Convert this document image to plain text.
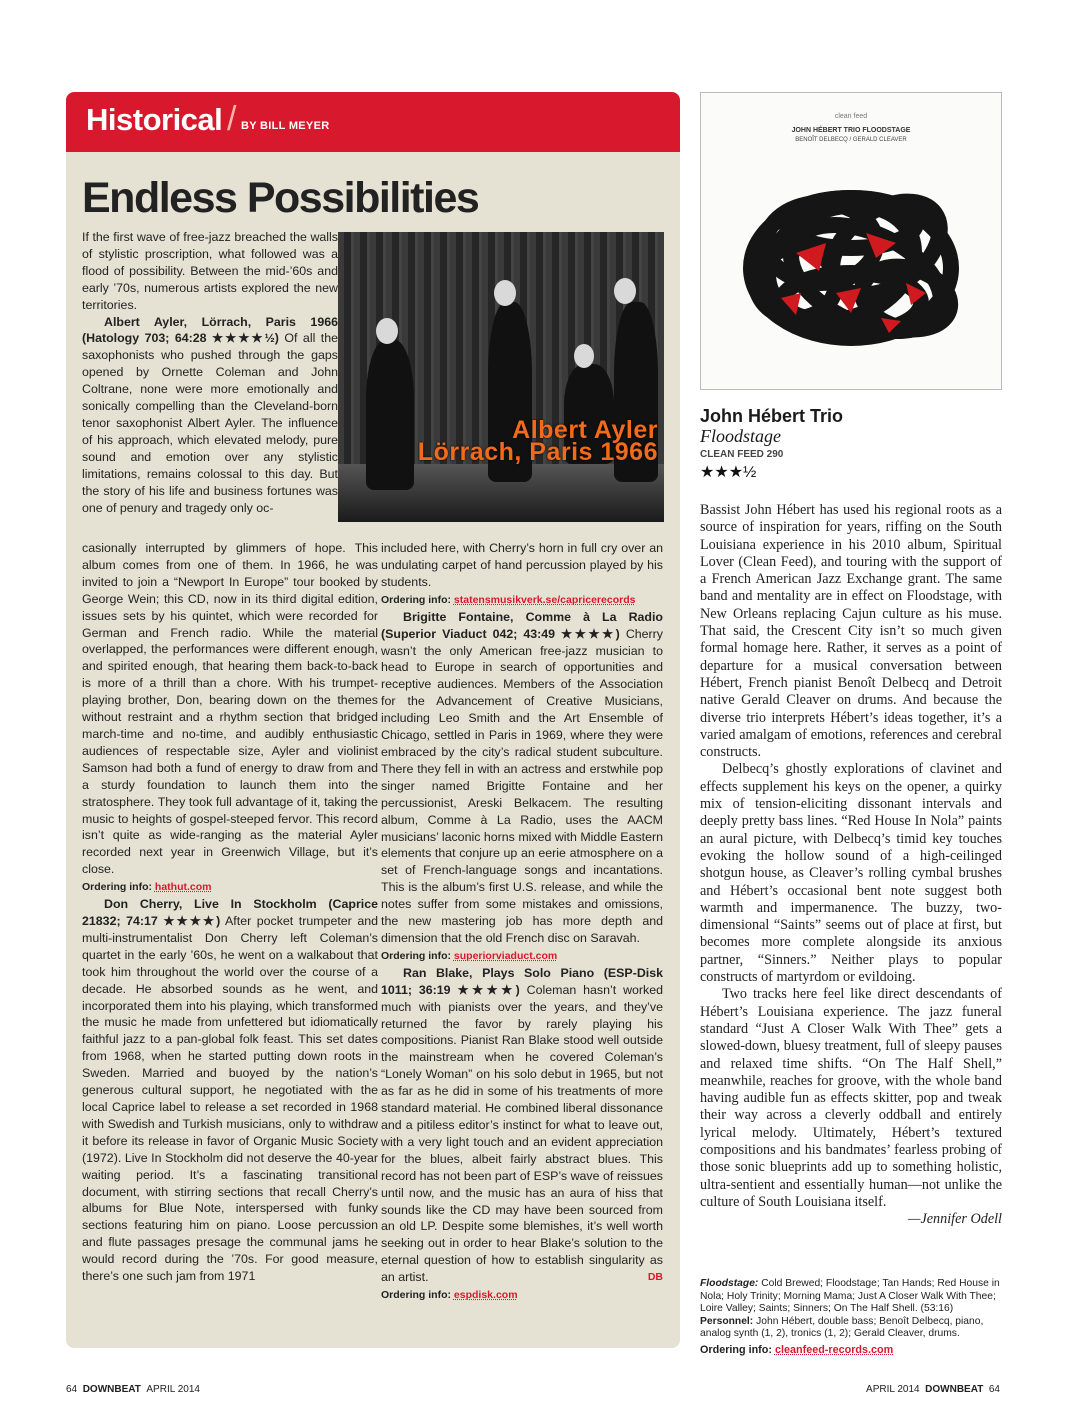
Historical / BY BILL MEYER
Endless Possibilities
Albert Ayler
Lörrach, Paris 1966

If the first wave of free-jazz breached the walls of stylistic proscription, what followed was a flood of possibility. Between the mid-’60s and early ’70s, numerous artists explored the new territories.

Albert Ayler, Lörrach, Paris 1966 (Hatology 703; 64:28 ★★★★½) Of all the saxophonists who pushed through the gaps opened by Ornette Coleman and John Coltrane, none were more emotionally and sonically compelling than the Cleveland-born tenor saxophonist Albert Ayler. The influence of his approach, which elevated melody, pure sound and emotion over any stylistic limitations, remains colossal to this day. But the story of his life and business fortunes was one of penury and tragedy only oc-

casionally interrupted by glimmers of hope. This album comes from one of them. In 1966, he was invited to join a “Newport In Europe” tour booked by George Wein; this CD, now in its third digital edition, issues sets by his quintet, which were recorded for German and French radio. While the material overlapped, the performances were different enough, and spirited enough, that hearing them back-to-back is more of a thrill than a chore. With his trumpet-playing brother, Don, bearing down on the themes without restraint and a rhythm section that bridged march-time and no-time, and audibly enthusiastic audiences of respectable size, Ayler and violinist Samson had both a fund of energy to draw from and a sturdy foundation to launch them into the stratosphere. They took full advantage of it, taking the music to heights of gospel-steeped fervor. This record isn’t quite as wide-ranging as the material Ayler recorded next year in Greenwich Village, but it’s close.

Ordering info: hathut.com

Don Cherry, Live In Stockholm (Caprice 21832; 74:17 ★★★★) After pocket trumpeter and multi-instrumentalist Don Cherry left Coleman’s quartet in the early ’60s, he went on a walkabout that took him throughout the world over the course of a decade. He absorbed sounds as he went, and incorporated them into his playing, which transformed the music he made from unfettered but idiomatically faithful jazz to a pan-global folk feast. This set dates from 1968, when he started putting down roots in Sweden. Married and buoyed by the nation’s generous cultural support, he negotiated with the local Caprice label to release a set recorded in 1968 with Swedish and Turkish musicians, only to withdraw it before its release in favor of Organic Music Society (1972). Live In Stockholm did not deserve the 40-year waiting period. It’s a fascinating transitional document, with stirring sections that recall Cherry’s albums for Blue Note, interspersed with funky sections featuring him on piano. Loose percussion and flute passages presage the communal jams he would record during the ’70s. For good measure, there’s one such jam from 1971

included here, with Cherry’s horn in full cry over an undulating carpet of hand percussion played by his students.

Ordering info: statensmusikverk.se/capricerecords

Brigitte Fontaine, Comme à La Radio (Superior Viaduct 042; 43:49 ★★★★) Cherry wasn’t the only American free-jazz musician to head to Europe in search of opportunities and receptive audiences. Members of the Association for the Advancement of Creative Musicians, including Leo Smith and the Art Ensemble of Chicago, settled in Paris in 1969, where they were embraced by the city’s radical student subculture. There they fell in with an actress and erstwhile pop singer named Brigitte Fontaine and her percussionist, Areski Belkacem. The resulting album, Comme à La Radio, uses the AACM musicians’ laconic horns mixed with Middle Eastern elements that conjure up an eerie atmosphere on a set of French-language songs and incantations. This is the album’s first U.S. release, and while the notes suffer from some mistakes and omissions, the new mastering job has more depth and dimension that the old French disc on Saravah.

Ordering info: superiorviaduct.com

Ran Blake, Plays Solo Piano (ESP-Disk 1011; 36:19 ★★★★) Coleman hasn’t worked much with pianists over the years, and they’ve returned the favor by rarely playing his compositions. Pianist Ran Blake stood well outside the mainstream when he covered Coleman’s “Lonely Woman” on his solo debut in 1965, but not as far as he did in some of his treatments of more standard material. He combined liberal dissonance and a pitiless editor’s instinct for what to leave out, with a very light touch and an evident appreciation for the blues, albeit fairly abstract blues. This record has not been part of ESP’s wave of reissues until now, and the music has an aura of hiss that sounds like the CD may have been sourced from an old LP. Despite some blemishes, it’s well worth seeking out in order to hear Blake’s solution to the eternal question of how to establish singularity as an artist.	DB

Ordering info: espdisk.com
clean feed
JOHN HÉBERT TRIO FLOODSTAGE
BENOÎT DELBECQ / GERALD CLEAVER
John Hébert Trio
Floodstage
CLEAN FEED 290
★★★½

Bassist John Hébert has used his regional roots as a source of inspiration for years, riffing on the South Louisiana experience in his 2010 album, Spiritual Lover (Clean Feed), and touring with the support of a French American Jazz Exchange grant. The same band and mentality are in effect on Floodstage, with New Orleans replacing Cajun culture as his muse. That said, the Crescent City isn’t so much given formal homage here. Rather, it serves as a point of departure for a musical conversation between Hébert, French pianist Benoît Delbecq and Detroit native Gerald Cleaver on drums. And because the diverse trio interprets Hébert’s ideas together, it’s a varied amalgam of emotions, references and cerebral constructs.

Delbecq’s ghostly explorations of clavinet and effects supplement his keys on the opener, a quirky mix of tension-eliciting dissonant intervals and deeply pretty bass lines. “Red House In Nola” paints an aural picture, with Delbecq’s timid key touches evoking the hollow sound of a high-ceilinged shotgun house, as Cleaver’s rolling cymbal brushes and Hébert’s occasional bent note suggest both warmth and impermanence. The buzzy, two-dimensional “Saints” seems out of place at first, but becomes more complete alongside its anxious partner, “Sinners.” Neither plays to popular constructs of martyrdom or evildoing.

Two tracks here feel like direct descendants of Hébert’s Louisiana experience. The jazz funeral standard “Just A Closer Walk With Thee” gets a slowed-down, bluesy treatment, full of sleepy pauses and relaxed time shifts. “On The Half Shell,” meanwhile, reaches for groove, with the whole band having audible fun as effects skitter, pop and tweak their way across a cleverly oddball and entirely lyrical melody. Ultimately, Hébert’s textured compositions and his bandmates’ fearless probing of those sonic blueprints add up to something holistic, ultra-sentient and essentially human—not unlike the culture of South Louisiana itself.
—Jennifer Odell

Floodstage: Cold Brewed; Floodstage; Tan Hands; Red House in Nola; Holy Trinity; Morning Mama; Just A Closer Walk With Thee; Loire Valley; Saints; Sinners; On The Half Shell. (53:16)

Personnel: John Hébert, double bass; Benoît Delbecq, piano, analog synth (1, 2), tronics (1, 2); Gerald Cleaver, drums.

Ordering info: cleanfeed-records.com
64 DOWNBEAT APRIL 2014	APRIL 2014 DOWNBEAT 64
